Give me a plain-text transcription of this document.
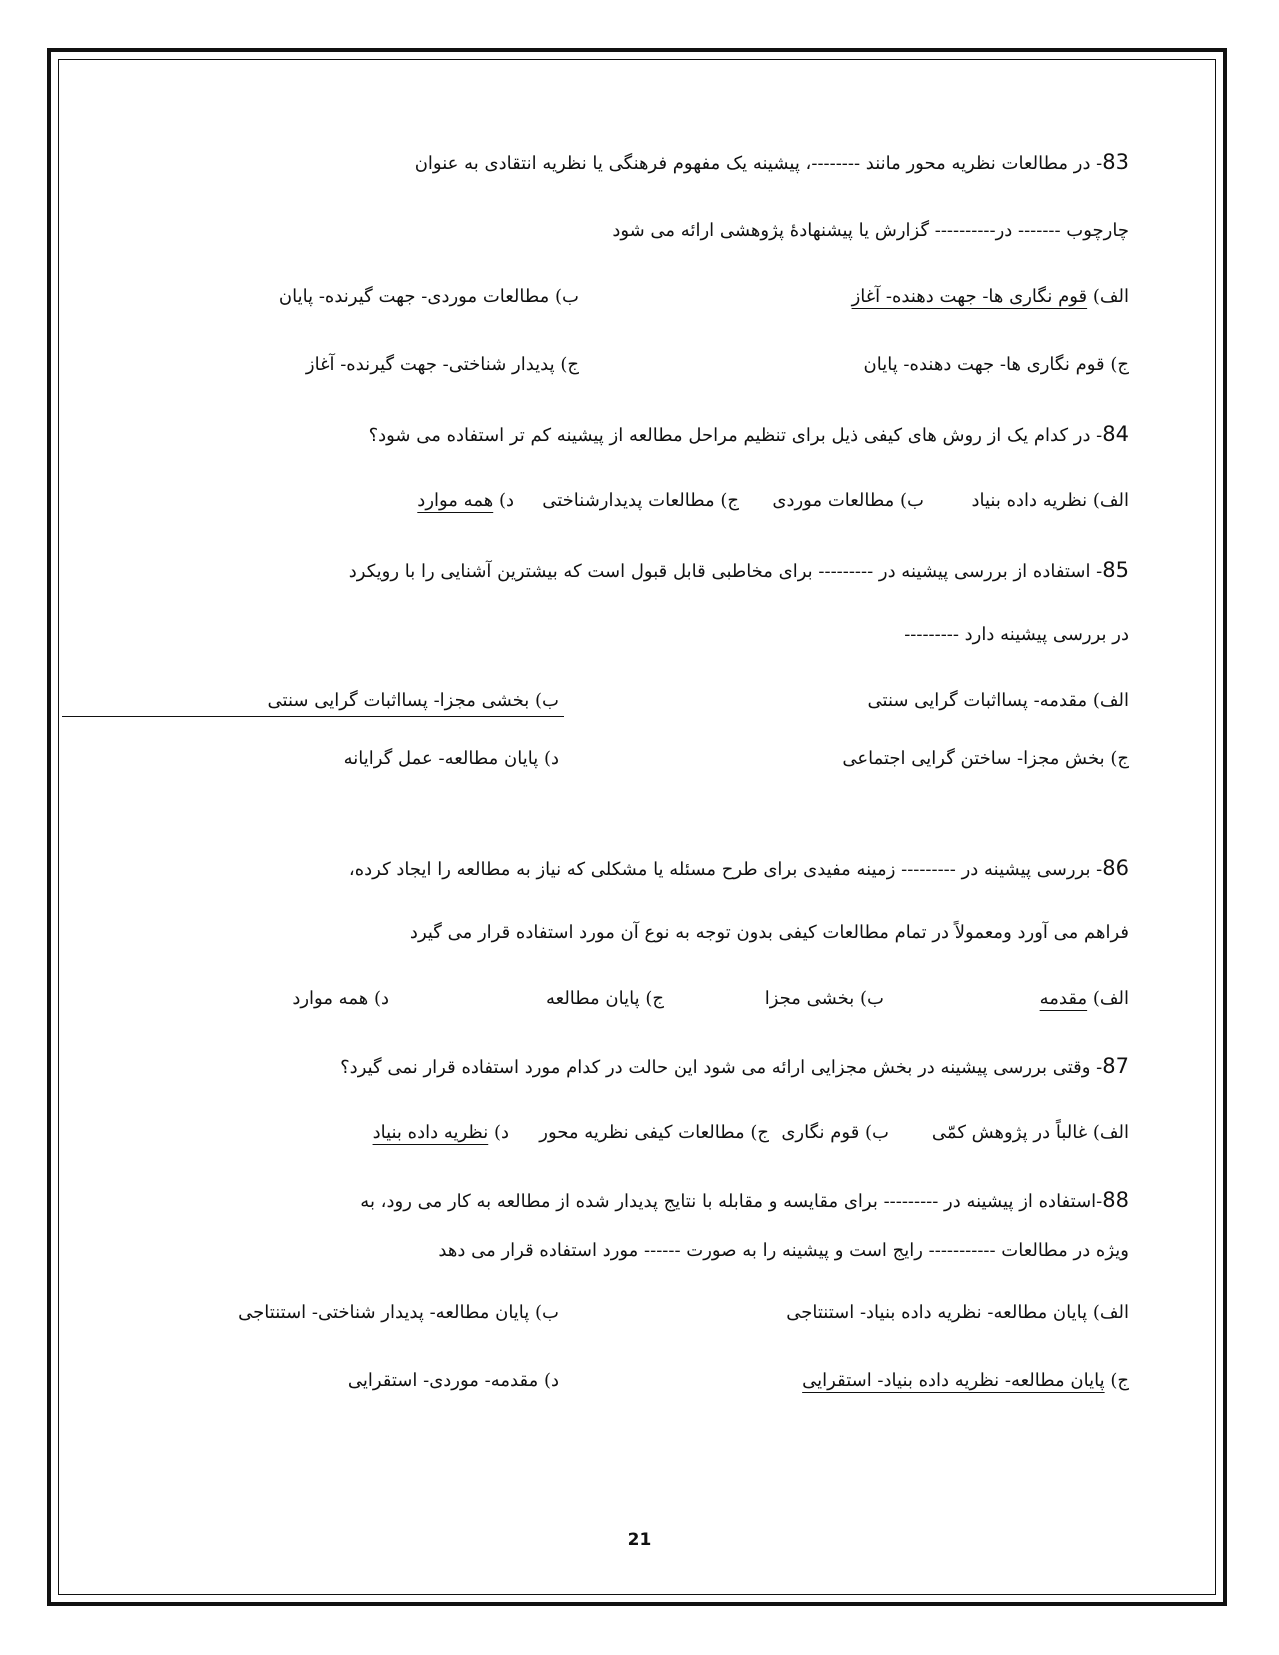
83- در مطالعات نظریه محور مانند --------، پیشینه یک مفهوم فرهنگی یا نظریه انتقادی به عنوان
چارچوب ------- در---------- گزارش یا پیشنهادهٔ پژوهشی ارائه می شود
الف) قوم نگاری ها- جهت دهنده- آغاز
ب) مطالعات موردی- جهت گیرنده- پایان
ج) قوم نگاری ها- جهت دهنده- پایان
ج) پدیدار شناختی- جهت گیرنده- آغاز
84- در کدام یک از روش های کیفی ذیل برای تنظیم مراحل مطالعه از پیشینه کم تر استفاده می شود؟
الف) نظریه داده بنیاد
ب) مطالعات موردی
ج) مطالعات پدیدارشناختی
د) همه موارد
85- استفاده از بررسی پیشینه در --------- برای مخاطبی قابل قبول است که بیشترین آشنایی را با رویکرد
در بررسی پیشینه دارد ---------
الف) مقدمه- پسااثبات گرایی سنتی
ب) بخشی مجزا- پسااثبات گرایی سنتی
ج) بخش مجزا- ساختن گرایی اجتماعی
د) پایان مطالعه- عمل گرایانه
86- بررسی پیشینه در --------- زمینه مفیدی برای طرح مسئله یا مشکلی که نیاز به مطالعه را ایجاد کرده،
فراهم می آورد ومعمولاً در تمام مطالعات کیفی بدون توجه به نوع آن مورد استفاده قرار می گیرد
الف) مقدمه
ب) بخشی مجزا
ج) پایان مطالعه
د) همه موارد
87- وقتی بررسی پیشینه در بخش مجزایی ارائه می شود این حالت در کدام مورد استفاده قرار نمی گیرد؟
الف) غالباً در پژوهش کمّی
ب) قوم نگاری
ج) مطالعات کیفی نظریه محور
د) نظریه داده بنیاد
88-استفاده از پیشینه در --------- برای مقایسه و مقابله با نتایج پدیدار شده از مطالعه به کار می رود، به
ویژه در مطالعات ----------- رایج است و پیشینه را به صورت ------ مورد استفاده قرار می دهد
الف) پایان مطالعه- نظریه داده بنیاد- استنتاجی
ب) پایان مطالعه- پدیدار شناختی- استنتاجی
ج) پایان مطالعه- نظریه داده بنیاد- استقرایی
د) مقدمه- موردی- استقرایی
21
